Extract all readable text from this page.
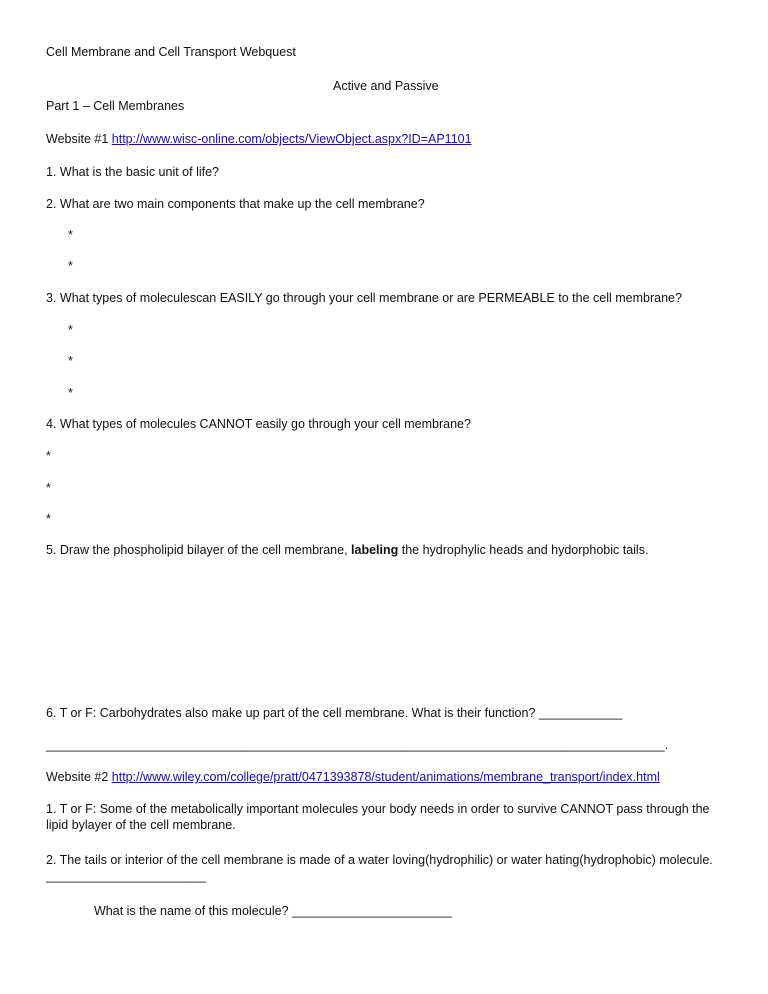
Cell Membrane and Cell Transport Webquest
Active and Passive
Part 1 – Cell Membranes
Website #1 http://www.wisc-online.com/objects/ViewObject.aspx?ID=AP1101
1. What is the basic unit of life?
2. What are two main components that make up the cell membrane?
*
*
3. What types of moleculescan EASILY go through your cell membrane or are PERMEABLE to the cell membrane?
*
*
*
4. What types of molecules CANNOT easily go through your cell membrane?
*
*
*
5. Draw the phospholipid bilayer of the cell membrane, labeling the hydrophylic heads and hydorphobic tails.
6. T or F: Carbohydrates also make up part of the cell membrane. What is their function? ____________
_________________________________________________________________________________________.
Website #2 http://www.wiley.com/college/pratt/0471393878/student/animations/membrane_transport/index.html
1. T or F: Some of the metabolically important molecules your body needs in order to survive CANNOT pass through the lipid bylayer of the cell membrane.
2. The tails or interior of the cell membrane is made of a water loving(hydrophilic) or water hating(hydrophobic) molecule. _______________________
What is the name of this molecule? _______________________
